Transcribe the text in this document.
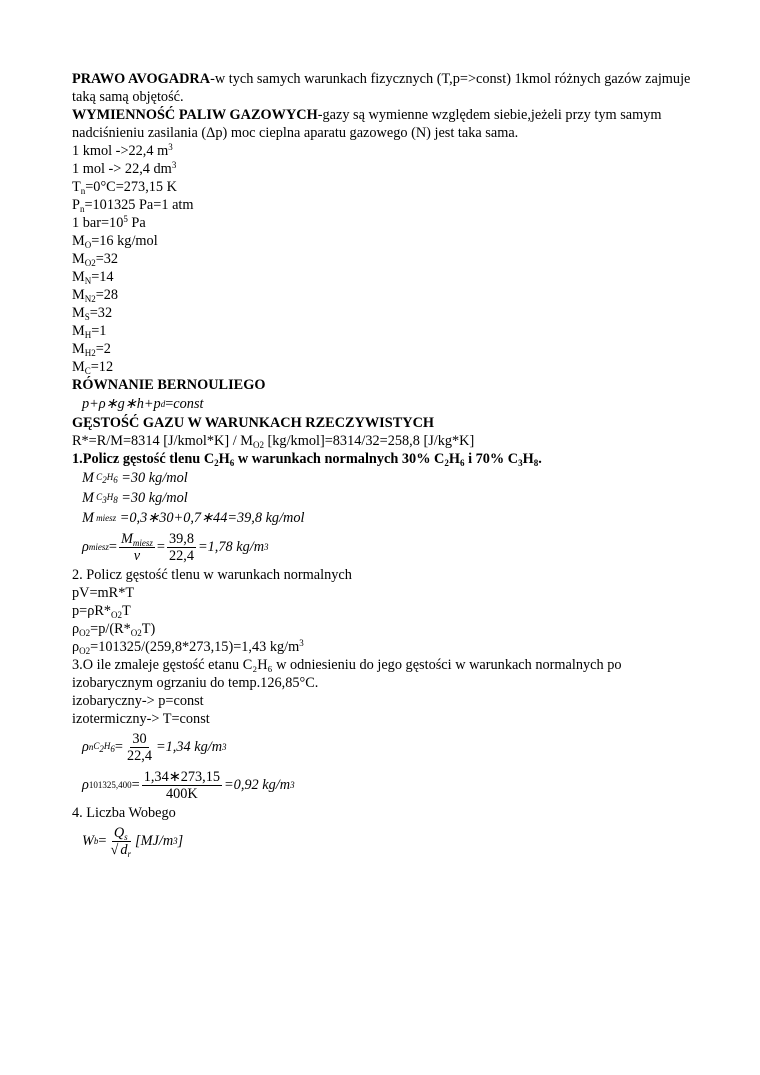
PRAWO AVOGADRA-w tych samych warunkach fizycznych (T,p=>const) 1kmol różnych gazów zajmuje taką samą objętość.
WYMIENNOŚĆ PALIW GAZOWYCH-gazy są wymienne względem siebie,jeżeli przy tym samym nadciśnieniu zasilania (Δp) moc cieplna aparatu gazowego (N) jest taka sama.
1 kmol ->22,4 $m^3$
1 mol -> 22,4 $dm^3$
$T_n=0^\circ C=273,15$ K
$P_n=101325$ Pa=1 atm
1 $bar=10^5$ Pa
$M_O=16$ kg/mol
$M_{O2}=32$
$M_N=14$
$M_{N2}=28$
$M_S=32$
$M_H=1$
$M_{H2}=2$
$M_C=12$
RÓWNANIE BERNOULIEGO
p+ρ∗g∗h+p d = const
GĘSTOŚĆ GAZU W WARUNKACH RZECZYWISTYCH
R*=R/M=8314 [J/kmol*K] / $M_{O2}$ [kg/kmol]=8314/32=258,8 [J/kg*K]
1.Policz gęstość tlenu $C_2H_6$ w warunkach normalnych 30% $C_2H_6$ i 70% $C_3H_8$.
M $C_2H_6$
=30 kg/mol
M $C_3H_8$
=30 kg/mol
M miesz
=0,3∗30+0,7∗44=39,8 kg/mol
ρ miesz = $\frac{M_{miesz}}{v} = \frac{39,8}{22,4} =1,78$ kg/m 3
2. Policz gęstość tlenu w warunkach normalnych
pV=mR*T
$p=\rho R*_{O2}T$
$\rho_{O2}=p/(R*_{O2}T)$
$\rho_{O2}=101325/(259,8*273,15)=1,43$ $kg/m^3$
3.O ile zmaleje gęstość etanu C₂H₆ w odniesieniu do jego gęstości w warunkach normalnych po izobarycznym ogrzaniu do temp.126,85°C.
izobaryczny-> p=const
izotermiczny-> T=const
ρ n $C_2H_6 = \frac{30}{22,4} =1,34$ kg/m 3
ρ $101325,400 = \frac{1,34∗273,15}{400K} =0,92$ kg/m 3
4. Liczba Wobego
W $b = \frac{Q_s}{√ d_r} [MJ/m$ 3 ]
